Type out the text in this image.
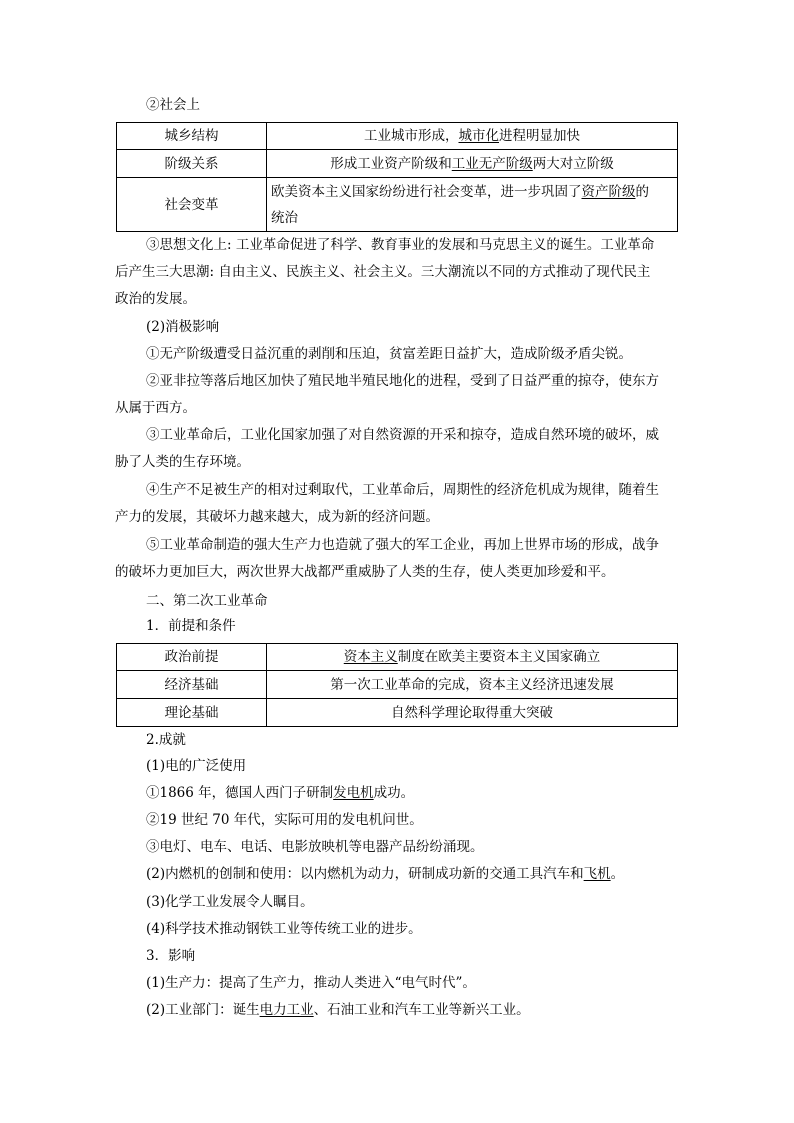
②社会上
城乡结构	工业城市形成，城市化进程明显加快
阶级关系	形成工业资产阶级和工业无产阶级两大对立阶级
社会变革	欧美资本主义国家纷纷进行社会变革，进一步巩固了资产阶级的
统治
③思想文化上: 工业革命促进了科学、教育事业的发展和马克思主义的诞生。工业革命
后产生三大思潮: 自由主义、民族主义、社会主义。三大潮流以不同的方式推动了现代民主
政治的发展。
(2)消极影响
①无产阶级遭受日益沉重的剥削和压迫，贫富差距日益扩大，造成阶级矛盾尖锐。
②亚非拉等落后地区加快了殖民地半殖民地化的进程，受到了日益严重的掠夺，使东方
从属于西方。
③工业革命后，工业化国家加强了对自然资源的开采和掠夺，造成自然环境的破坏，威
胁了人类的生存环境。
④生产不足被生产的相对过剩取代，工业革命后，周期性的经济危机成为规律，随着生
产力的发展，其破坏力越来越大，成为新的经济问题。
⑤工业革命制造的强大生产力也造就了强大的军工企业，再加上世界市场的形成，战争
的破坏力更加巨大，两次世界大战都严重威胁了人类的生存，使人类更加珍爱和平。
二、第二次工业革命
1．前提和条件
政治前提	资本主义制度在欧美主要资本主义国家确立
经济基础	第一次工业革命的完成，资本主义经济迅速发展
理论基础	自然科学理论取得重大突破
2.成就
(1)电的广泛使用
①1866 年，德国人西门子研制发电机成功。
②19 世纪 70 年代，实际可用的发电机问世。
③电灯、电车、电话、电影放映机等电器产品纷纷涌现。
(2)内燃机的创制和使用：以内燃机为动力，研制成功新的交通工具汽车和飞机。
(3)化学工业发展令人瞩目。
(4)科学技术推动钢铁工业等传统工业的进步。
3．影响
(1)生产力：提高了生产力，推动人类进入“电气时代”。
(2)工业部门：诞生电力工业、石油工业和汽车工业等新兴工业。
